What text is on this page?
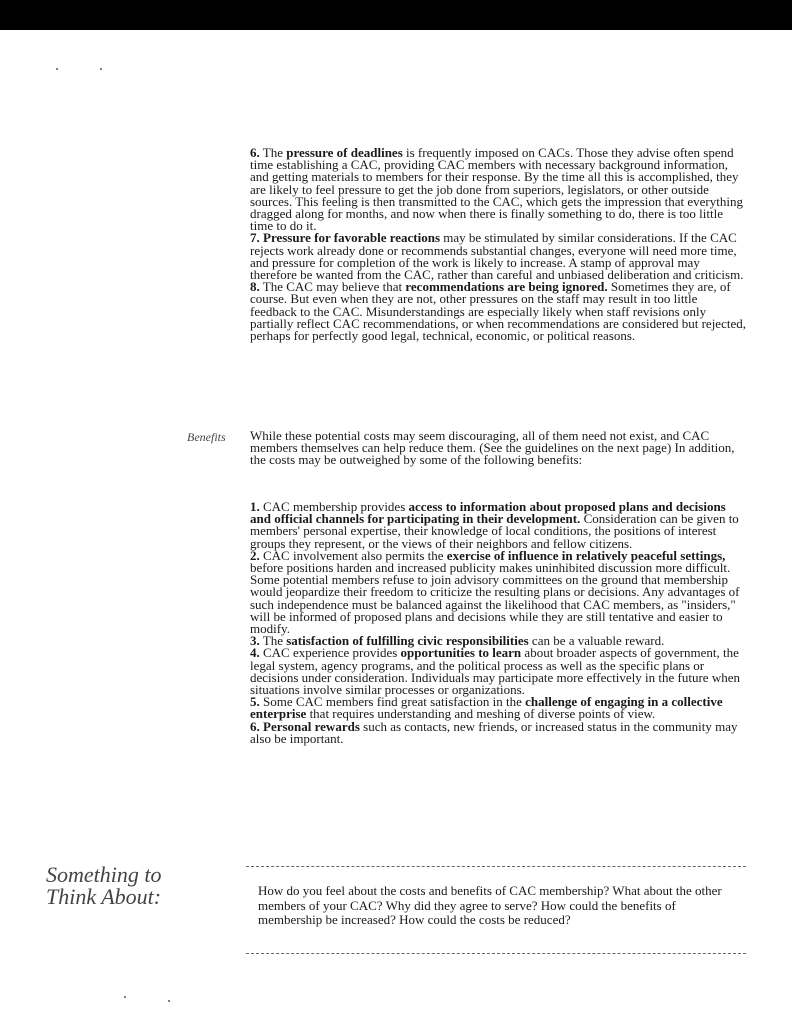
6. The pressure of deadlines is frequently imposed on CACs. Those they advise often spend time establishing a CAC, providing CAC members with necessary background information, and getting materials to members for their response. By the time all this is accomplished, they are likely to feel pressure to get the job done from superiors, legislators, or other outside sources. This feeling is then transmitted to the CAC, which gets the impression that everything dragged along for months, and now when there is finally something to do, there is too little time to do it.

7. Pressure for favorable reactions may be stimulated by similar considerations. If the CAC rejects work already done or recommends substantial changes, everyone will need more time, and pressure for completion of the work is likely to increase. A stamp of approval may therefore be wanted from the CAC, rather than careful and unbiased deliberation and criticism.

8. The CAC may believe that recommendations are being ignored. Sometimes they are, of course. But even when they are not, other pressures on the staff may result in too little feedback to the CAC. Misunderstandings are especially likely when staff revisions only partially reflect CAC recommendations, or when recommendations are considered but rejected, perhaps for perfectly good legal, technical, economic, or political reasons.

Benefits While these potential costs may seem discouraging, all of them need not exist, and CAC members themselves can help reduce them. (See the guidelines on the next page) In addition, the costs may be outweighed by some of the following benefits:

1. CAC membership provides access to information about proposed plans and decisions and official channels for participating in their development. Consideration can be given to members' personal expertise, their knowledge of local conditions, the positions of interest groups they represent, or the views of their neighbors and fellow citizens.

2. CAC involvement also permits the exercise of influence in relatively peaceful settings, before positions harden and increased publicity makes uninhibited discussion more difficult. Some potential members refuse to join advisory committees on the ground that membership would jeopardize their freedom to criticize the resulting plans or decisions. Any advantages of such independence must be balanced against the likelihood that CAC members, as "insiders," will be informed of proposed plans and decisions while they are still tentative and easier to modify.

3. The satisfaction of fulfilling civic responsibilities can be a valuable reward.

4. CAC experience provides opportunities to learn about broader aspects of government, the legal system, agency programs, and the political process as well as the specific plans or decisions under consideration. Individuals may participate more effectively in the future when situations involve similar processes or organizations.

5. Some CAC members find great satisfaction in the challenge of engaging in a collective enterprise that requires understanding and meshing of diverse points of view.

6. Personal rewards such as contacts, new friends, or increased status in the community may also be important.

Something to
Think About:	How do you feel about the costs and benefits of CAC membership? What about the other members of your CAC? Why did they agree to serve? How could the benefits of membership be increased? How could the costs be reduced?
